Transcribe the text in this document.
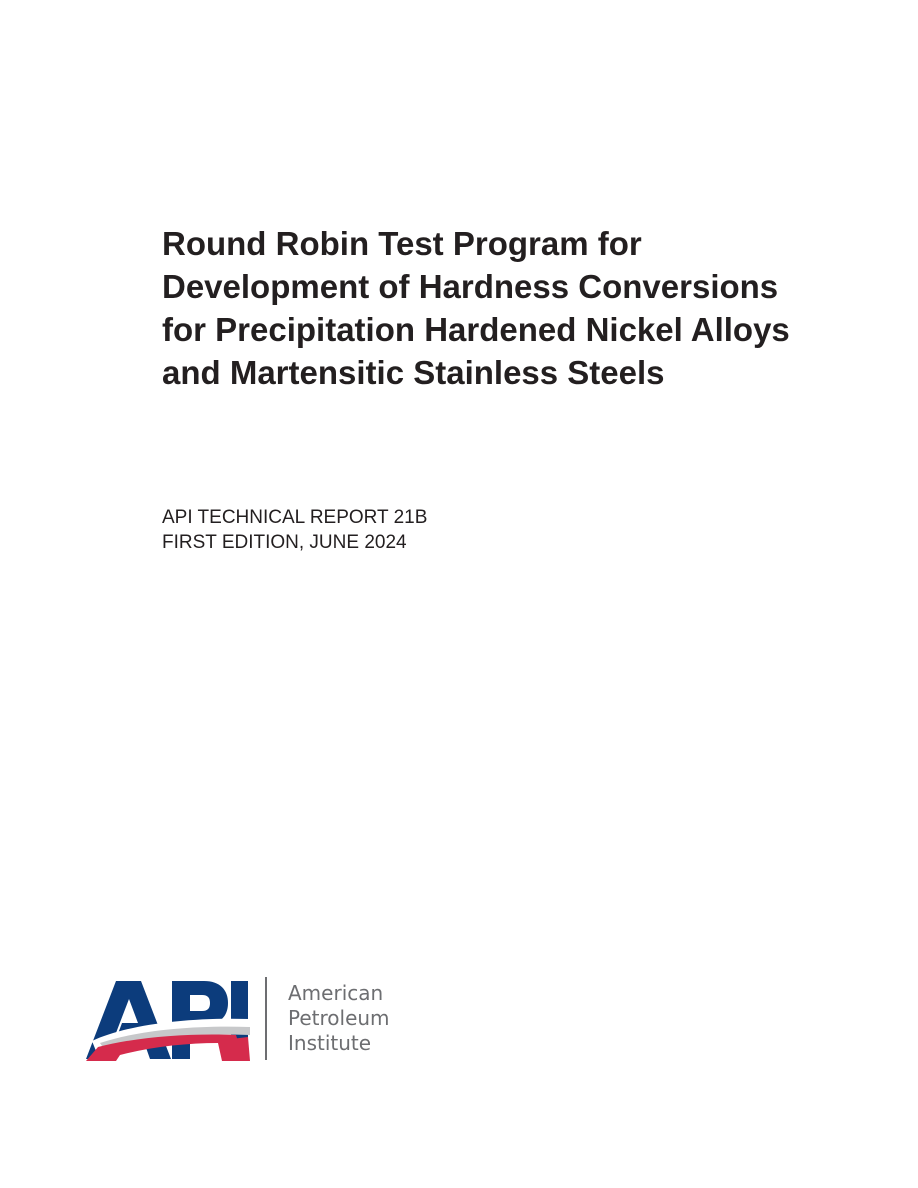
Round Robin Test Program for
Development of Hardness Conversions
for Precipitation Hardened Nickel Alloys
and Martensitic Stainless Steels
API TECHNICAL REPORT 21B
FIRST EDITION, JUNE 2024
American
Petroleum
Institute
